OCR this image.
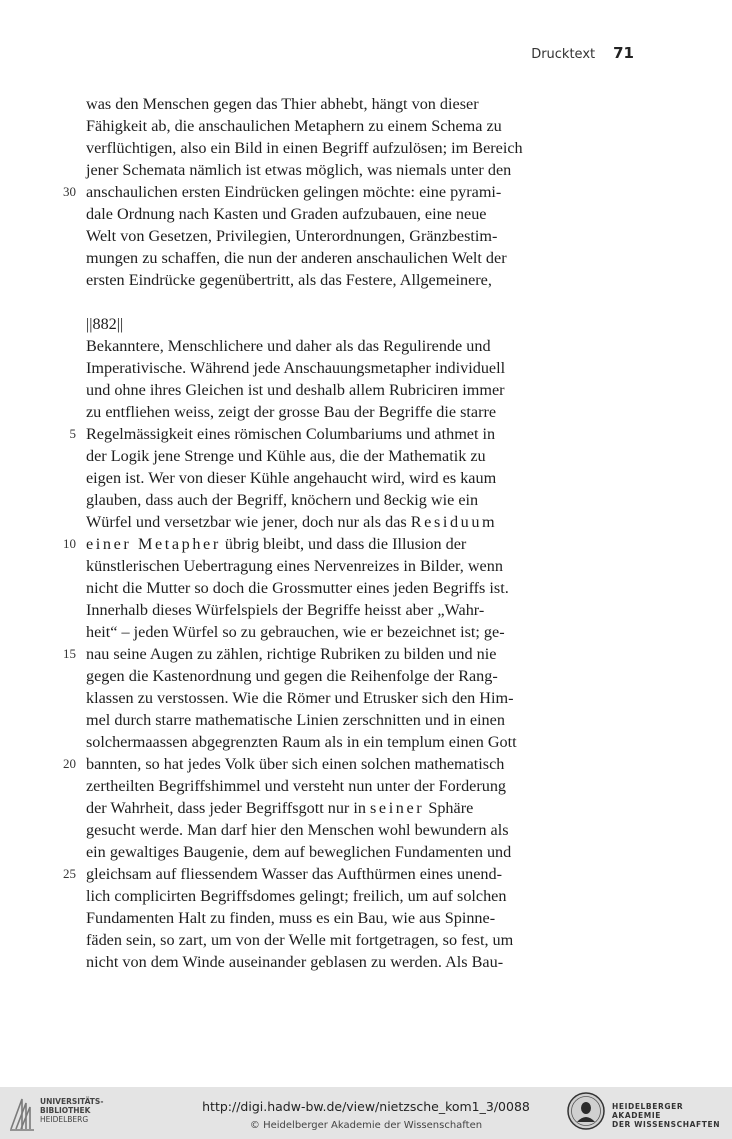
Drucktext 71
was den Menschen gegen das Thier abhebt, hängt von dieser
Fähigkeit ab, die anschaulichen Metaphern zu einem Schema zu
verflüchtigen, also ein Bild in einen Begriff aufzulösen; im Bereich
jener Schemata nämlich ist etwas möglich, was niemals unter den
30 anschaulichen ersten Eindrücken gelingen möchte: eine pyrami-
dale Ordnung nach Kasten und Graden aufzubauen, eine neue
Welt von Gesetzen, Privilegien, Unterordnungen, Gränzbestim-
mungen zu schaffen, die nun der anderen anschaulichen Welt der
ersten Eindrücke gegenübertritt, als das Festere, Allgemeinere,
||882||
Bekanntere, Menschlichere und daher als das Regulirende und
Imperativische. Während jede Anschauungsmetapher individuell
und ohne ihres Gleichen ist und deshalb allem Rubriciren immer
zu entfliehen weiss, zeigt der grosse Bau der Begriffe die starre
5 Regelmässigkeit eines römischen Columbariums und athmet in
der Logik jene Strenge und Kühle aus, die der Mathematik zu
eigen ist. Wer von dieser Kühle angehaucht wird, wird es kaum
glauben, dass auch der Begriff, knöchern und 8eckig wie ein
Würfel und versetzbar wie jener, doch nur als das Residuum
10 einer Metapher übrig bleibt, und dass die Illusion der
künstlerischen Uebertragung eines Nervenreizes in Bilder, wenn
nicht die Mutter so doch die Grossmutter eines jeden Begriffs ist.
Innerhalb dieses Würfelspiels der Begriffe heisst aber „Wahr-
heit“ – jeden Würfel so zu gebrauchen, wie er bezeichnet ist; ge-
15 nau seine Augen zu zählen, richtige Rubriken zu bilden und nie
gegen die Kastenordnung und gegen die Reihenfolge der Rang-
klassen zu verstossen. Wie die Römer und Etrusker sich den Him-
mel durch starre mathematische Linien zerschnitten und in einen
solchermaassen abgegrenzten Raum als in ein templum einen Gott
20 bannten, so hat jedes Volk über sich einen solchen mathematisch
zertheilten Begriffshimmel und versteht nun unter der Forderung
der Wahrheit, dass jeder Begriffsgott nur in seiner Sphäre
gesucht werde. Man darf hier den Menschen wohl bewundern als
ein gewaltiges Baugenie, dem auf beweglichen Fundamenten und
25 gleichsam auf fliessendem Wasser das Aufthürmen eines unend-
lich complicirten Begriffsdomes gelingt; freilich, um auf solchen
Fundamenten Halt zu finden, muss es ein Bau, wie aus Spinne-
fäden sein, so zart, um von der Welle mit fortgetragen, so fest, um
nicht von dem Winde auseinander geblasen zu werden. Als Bau-
UNIVERSITÄTS-
BIBLIOTHEK
HEIDELBERG
http://digi.hadw-bw.de/view/nietzsche_kom1_3/0088
© Heidelberger Akademie der Wissenschaften
HEIDELBERGER AKADEMIE
DER WISSENSCHAFTEN
